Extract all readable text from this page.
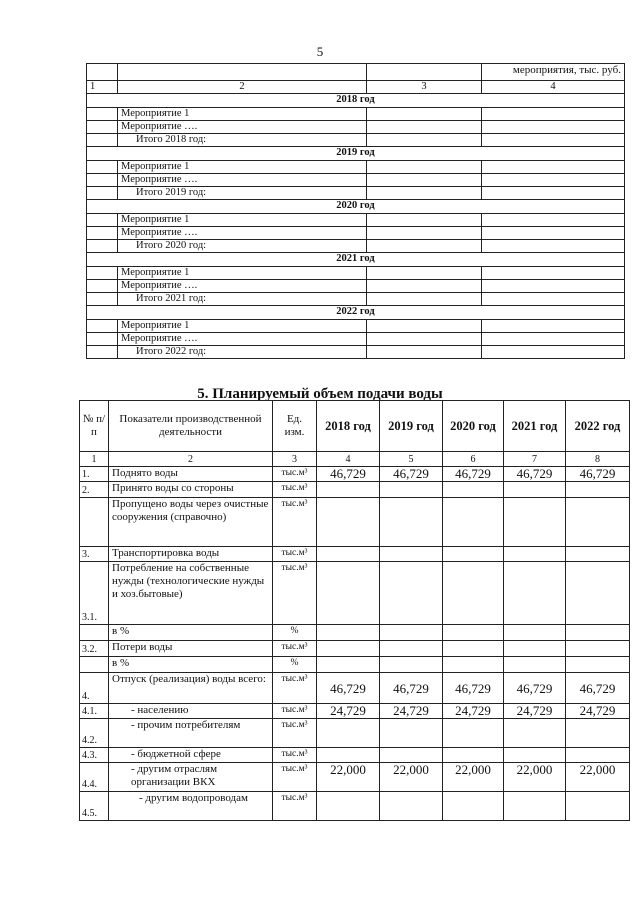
5
			мероприятия, тыс. руб.
1	2	3	4
2018 год			
	Мероприятие 1		
	Мероприятие ….		
	Итого 2018 год:		
2019 год			
	Мероприятие 1		
	Мероприятие ….		
	Итого 2019 год:		
2020 год			
	Мероприятие 1		
	Мероприятие ….		
	Итого 2020 год:		
2021 год			
	Мероприятие 1		
	Мероприятие ….		
	Итого 2021 год:		
2022 год			
	Мероприятие 1		
	Мероприятие ….		
	Итого 2022 год:		
5. Планируемый объем подачи воды
№ п/п	Показатели производственной деятельности	Ед. изм.	2018 год	2019 год	2020 год	2021 год	2022 год
1	2	3	4	5	6	7	8
1.	Поднято воды	тыс.м³	46,729	46,729	46,729	46,729	46,729
2.	Принято воды со стороны	тыс.м³					
	Пропущено воды через очистные сооружения (справочно)	тыс.м³					
3.	Транспортировка воды	тыс.м³					
3.1.	Потребление на собственные нужды (технологические нужды и хоз.бытовые)	тыс.м³					
	в %	%					
3.2.	Потери воды	тыс.м³					
	в %	%					
4.	Отпуск (реализация) воды всего:	тыс.м³	46,729	46,729	46,729	46,729	46,729
4.1.	- населению	тыс.м³	24,729	24,729	24,729	24,729	24,729
4.2.	- прочим потребителям	тыс.м³					
4.3.	- бюджетной сфере	тыс.м³					
4.4.	- другим отраслям организации ВКХ	тыс.м³	22,000	22,000	22,000	22,000	22,000
4.5.	- другим водопроводам	тыс.м³					
